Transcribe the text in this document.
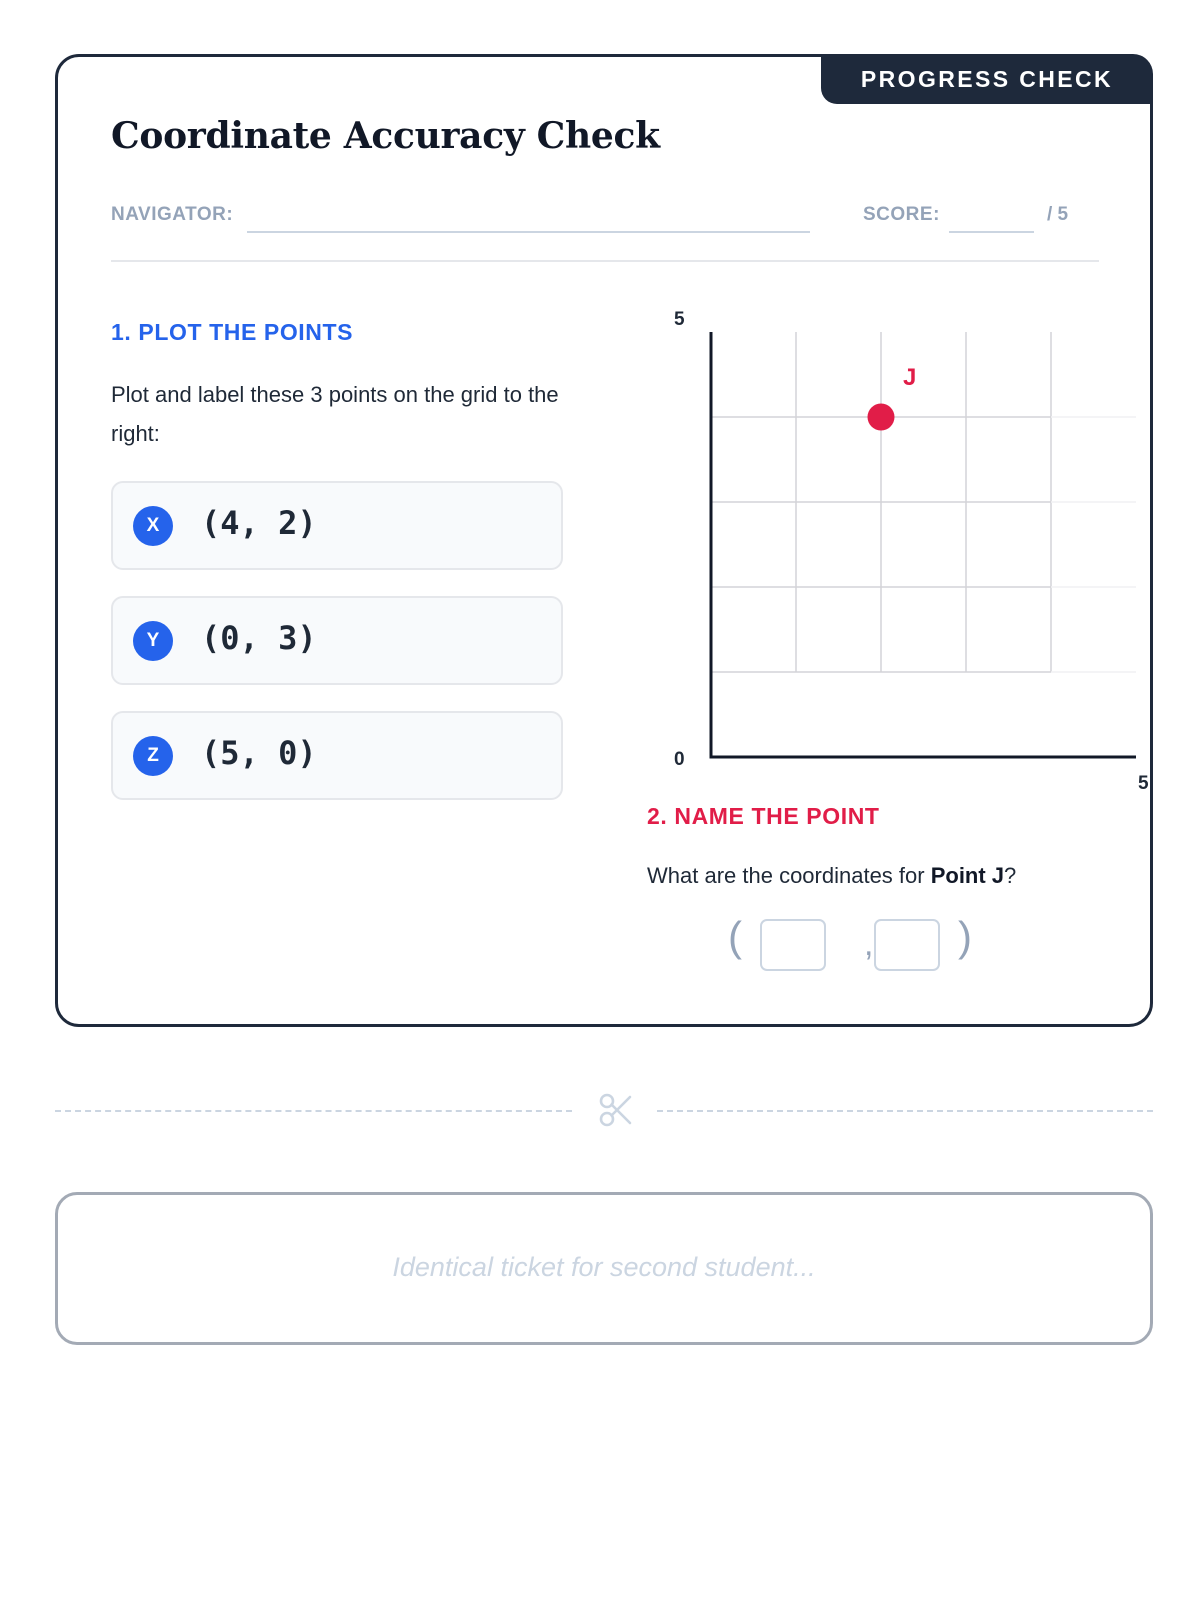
PROGRESS CHECK
Coordinate Accuracy Check
NAVIGATOR:	SCORE:	/ 5
1. PLOT THE POINTS

Plot and label these 3 points on the grid to the right:

X	(4, 2)
Y	(0, 3)
Z	(5, 0)
5
0
5
J
2. NAME THE POINT

What are the coordinates for Point J?

(	, )
Identical ticket for second student...
